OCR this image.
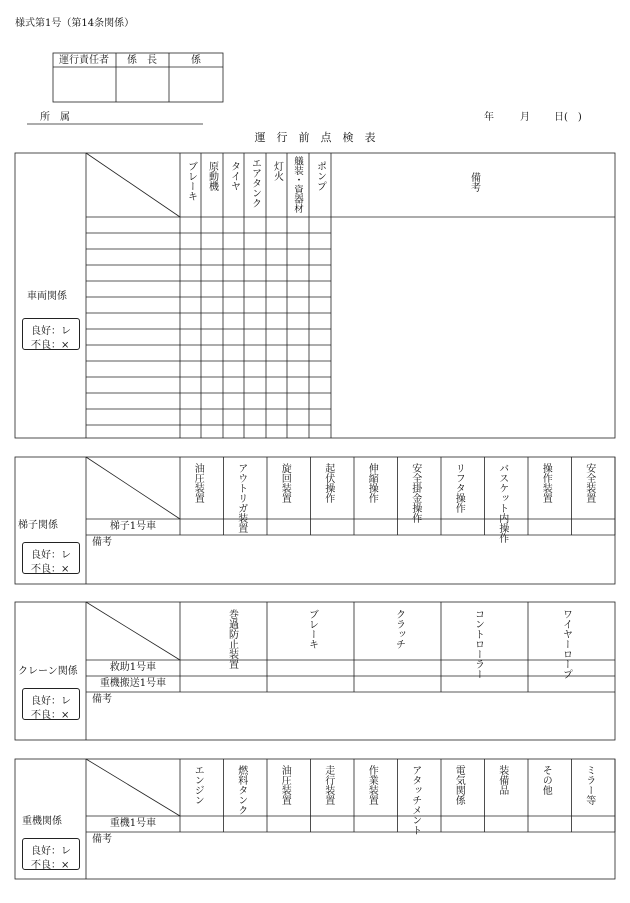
様式第1号（第14条関係）
運行責任者 係　長	係
所　属	年	月 日(　)
運　行　前　点　検　表
ブレーキ 原動機 タイヤ エアタンク 灯火 艤装・資器材 ポンプ	備考
車両関係
良好：レ
不良：×
油圧装置	アウトリガ装置	旋回装置	起伏操作	伸縮操作	安全掛金操作	リフタ操作	バスケット内操作	操作装置	安全装置
梯子1号車
備考
梯子関係
良好：レ
不良：×
巻過防止装置	ブレーキ	クラッチ	コントローラー	ワイヤーロープ
救助1号車
重機搬送1号車
備考
クレーン関係
良好：レ
不良：×
エンジン	燃料タンク	油圧装置	走行装置	作業装置	アタッチメント	電気関係	装備品	その他	ミラー等
重機1号車
備考
重機関係
良好：レ
不良：×
